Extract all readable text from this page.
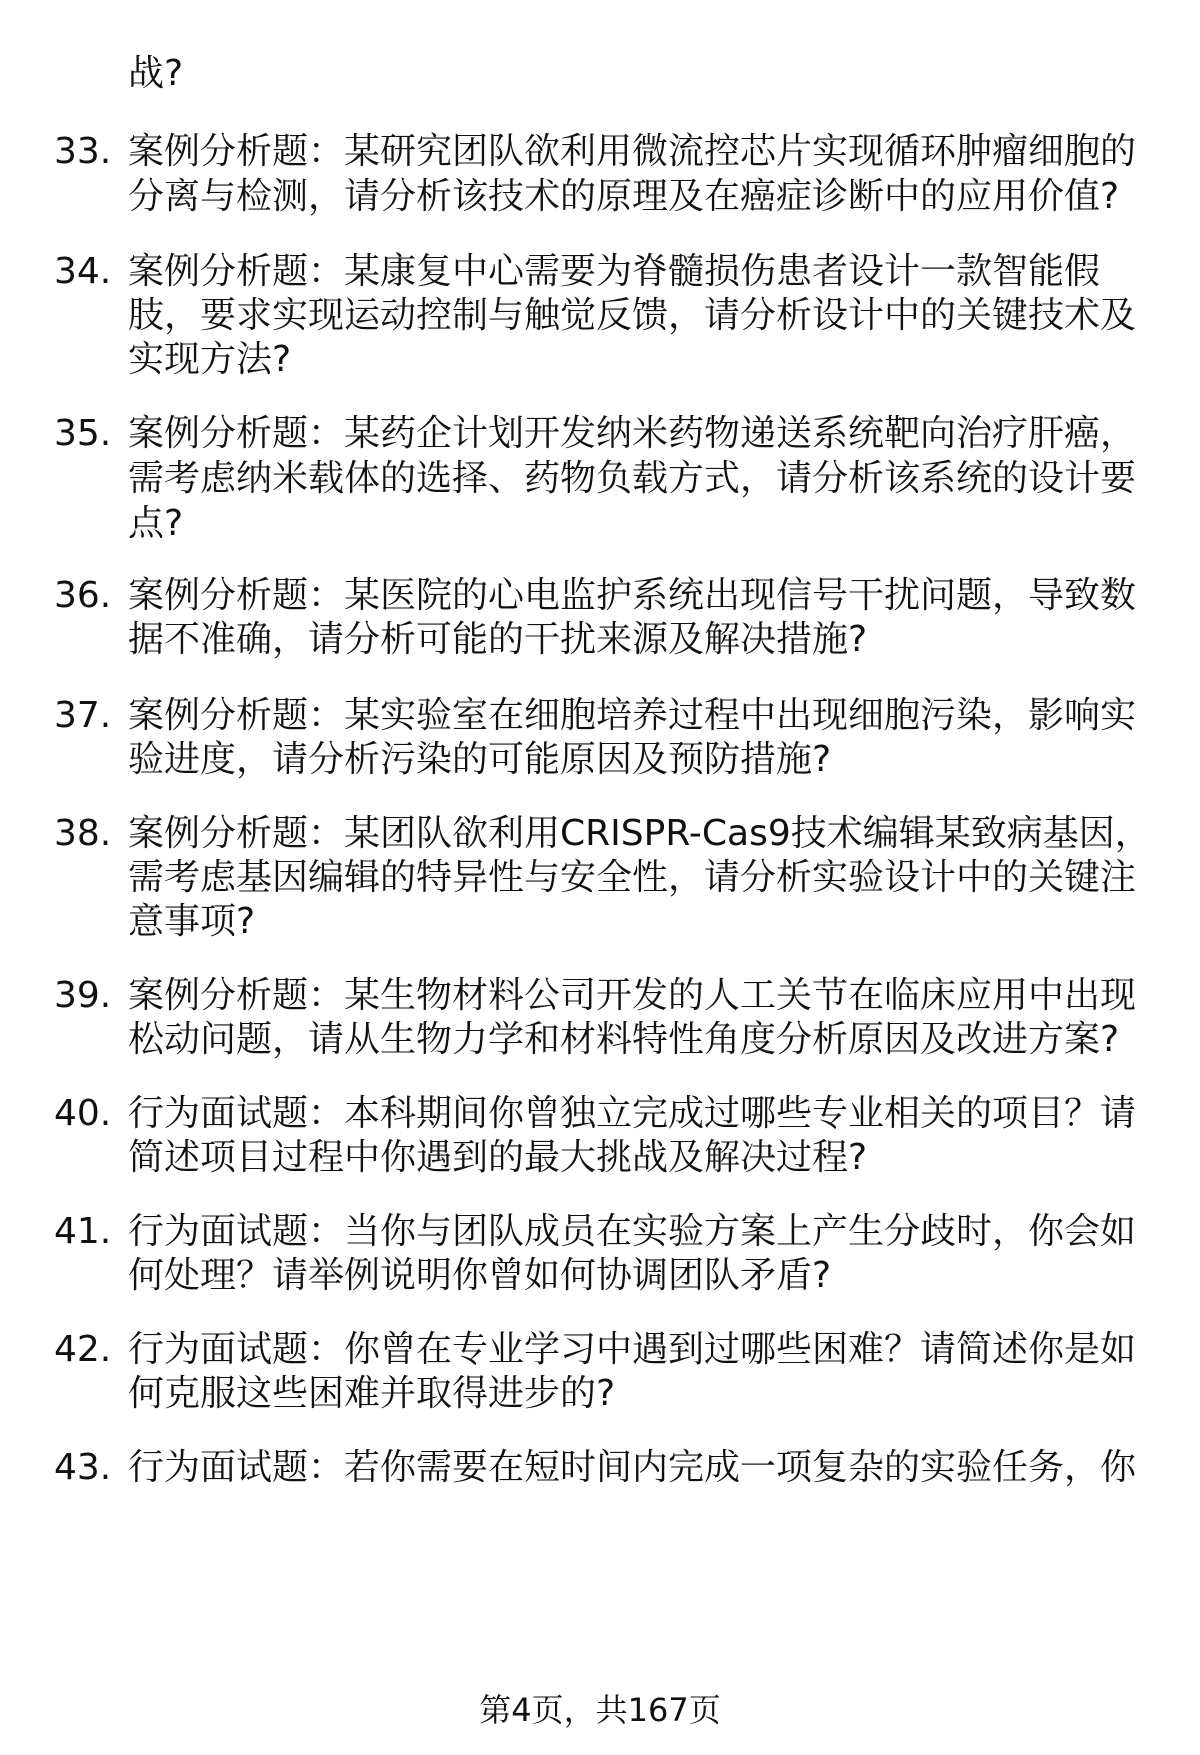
战?
33. 案例分析题：某研究团队欲利用微流控芯片实现循环肿瘤细胞的
分离与检测，请分析该技术的原理及在癌症诊断中的应用价值?
34. 案例分析题：某康复中心需要为脊髓损伤患者设计一款智能假
肢，要求实现运动控制与触觉反馈，请分析设计中的关键技术及
实现方法?
35. 案例分析题：某药企计划开发纳米药物递送系统靶向治疗肝癌，
需考虑纳米载体的选择、药物负载方式，请分析该系统的设计要
点?
36. 案例分析题：某医院的心电监护系统出现信号干扰问题，导致数
据不准确，请分析可能的干扰来源及解决措施?
37. 案例分析题：某实验室在细胞培养过程中出现细胞污染，影响实
验进度，请分析污染的可能原因及预防措施?
38. 案例分析题：某团队欲利用CRISPR-Cas9技术编辑某致病基因，
需考虑基因编辑的特异性与安全性，请分析实验设计中的关键注
意事项?
39. 案例分析题：某生物材料公司开发的人工关节在临床应用中出现
松动问题，请从生物力学和材料特性角度分析原因及改进方案?
40. 行为面试题：本科期间你曾独立完成过哪些专业相关的项目？请
简述项目过程中你遇到的最大挑战及解决过程?
41. 行为面试题：当你与团队成员在实验方案上产生分歧时，你会如
何处理？请举例说明你曾如何协调团队矛盾?
42. 行为面试题：你曾在专业学习中遇到过哪些困难？请简述你是如
何克服这些困难并取得进步的?
43. 行为面试题：若你需要在短时间内完成一项复杂的实验任务，你
第4页，共167页
